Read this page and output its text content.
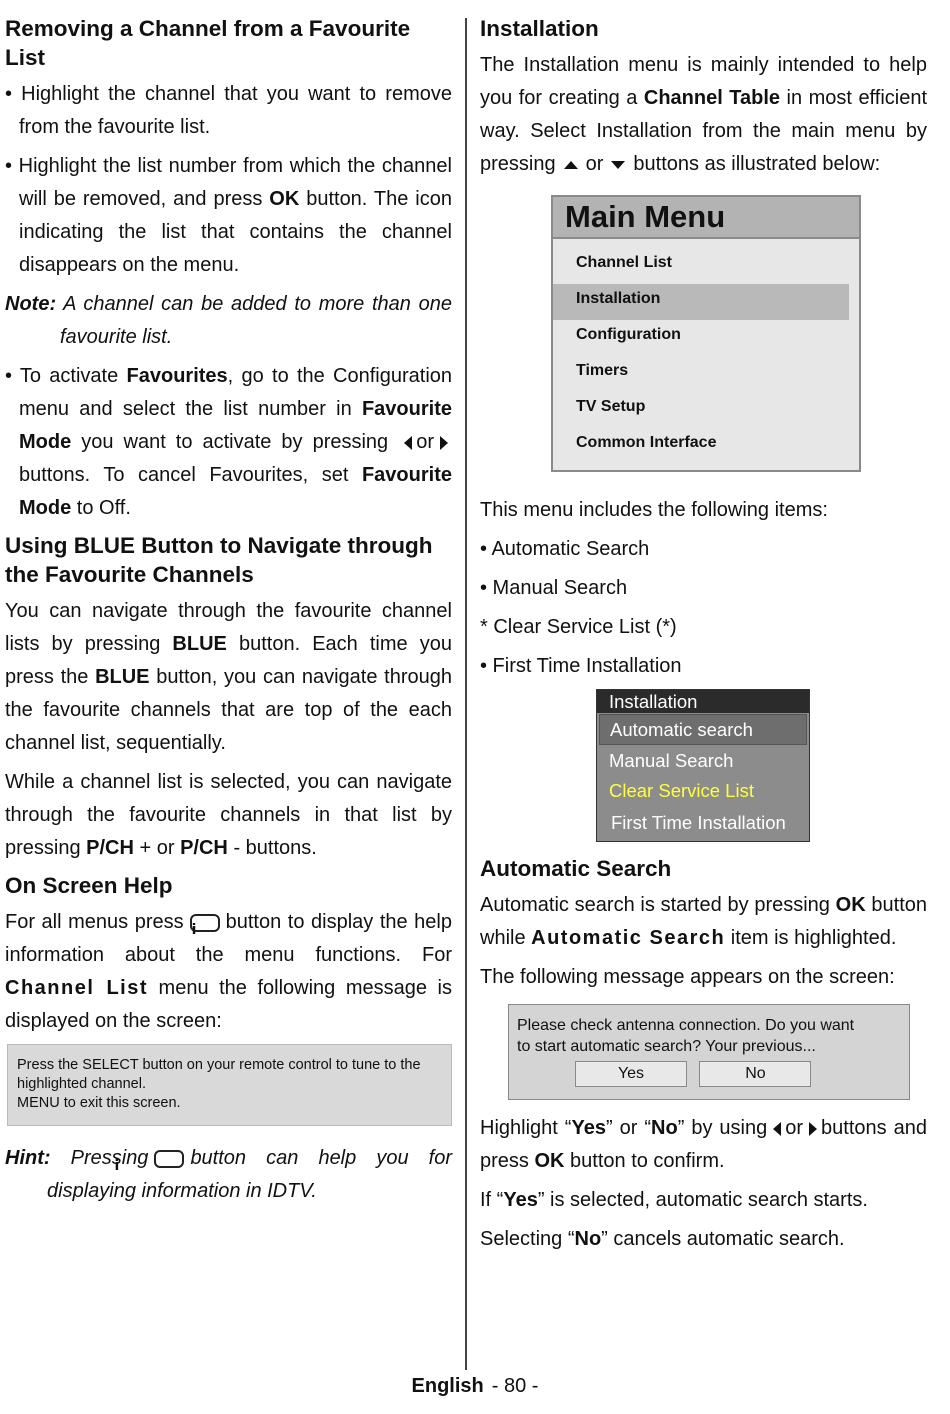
Removing a Channel from a Favourite List

• Highlight the channel that you want to remove from the favourite list.

• Highlight the list number from which the channel will be removed, and press OK button. The icon indicating the list that contains the channel disappears on the menu.

Note: A channel can be added to more than one favourite list.

• To activate Favourites, go to the Configuration menu and select the list number in Favourite Mode you want to activate by pressing or buttons. To cancel Favourites, set Favourite Mode to Off.

Using BLUE Button to Navigate through the Favourite Channels

You can navigate through the favourite channel lists by pressing BLUE button. Each time you press the BLUE button, you can navigate through the favourite channels that are top of the each channel list, sequentially.

While a channel list is selected, you can navigate through the favourite channels in that list by pressing P/CH + or P/CH - buttons.

On Screen Help

For all menus press i button to display the help information about the menu functions. For Channel List menu the following message is displayed on the screen:

Press the SELECT button on your remote control to tune to the
highlighted channel.
MENU to exit this screen.

Hint: Pressing i button can help you for displaying information in IDTV.

Installation

The Installation menu is mainly intended to help you for creating a Channel Table in most efficient way. Select Installation from the main menu by pressing or buttons as illustrated below:

Main Menu
Channel List
Installation
Configuration
Timers
TV Setup
Common Interface

This menu includes the following items:

• Automatic Search

• Manual Search

* Clear Service List (*)

• First Time Installation

Installation
Automatic search
Manual Search
Clear Service List
First Time Installation
Automatic Search

Automatic search is started by pressing OK button while Automatic Search item is highlighted.

The following message appears on the screen:

Please check antenna connection. Do you want
to start automatic search? Your previous...
Yes	No

Highlight “Yes” or “No” by using or buttons and press OK button to confirm.

If “Yes” is selected, automatic search starts.

Selecting “No” cancels automatic search.

English - 80 -
